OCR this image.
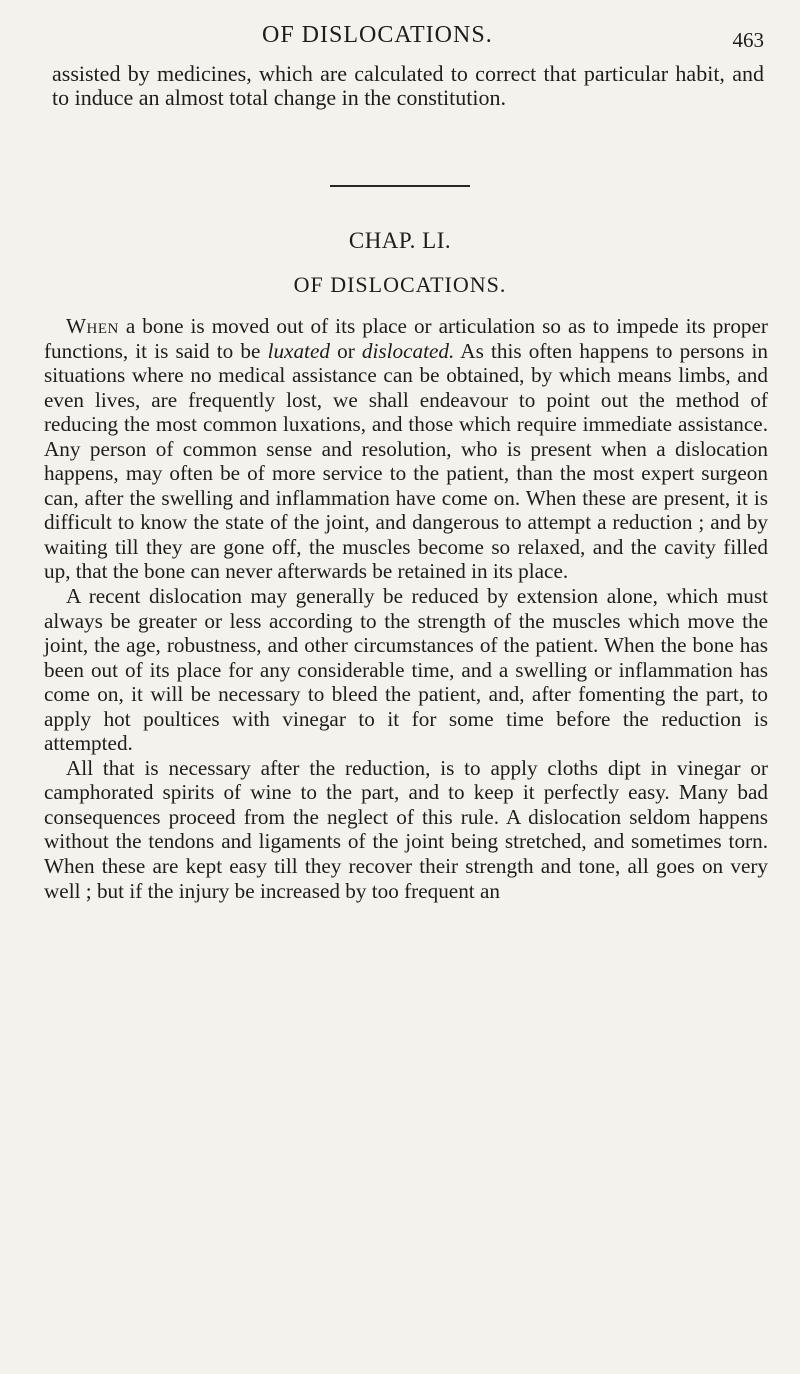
OF DISLOCATIONS.	463
assisted by medicines, which are calculated to correct that particular habit, and to induce an almost total change in the constitution.
CHAP. LI.
OF DISLOCATIONS.

When a bone is moved out of its place or articulation so as to impede its proper functions, it is said to be luxated or dislocated. As this often happens to persons in situations where no medical assistance can be obtained, by which means limbs, and even lives, are frequently lost, we shall endeavour to point out the method of reducing the most common luxations, and those which require immediate assistance. Any person of common sense and resolution, who is present when a dislocation happens, may often be of more service to the patient, than the most expert surgeon can, after the swelling and inflammation have come on. When these are present, it is difficult to know the state of the joint, and dangerous to attempt a reduction ; and by waiting till they are gone off, the muscles become so relaxed, and the cavity filled up, that the bone can never afterwards be retained in its place.

A recent dislocation may generally be reduced by extension alone, which must always be greater or less according to the strength of the muscles which move the joint, the age, robustness, and other circumstances of the patient. When the bone has been out of its place for any considerable time, and a swelling or inflammation has come on, it will be necessary to bleed the patient, and, after fomenting the part, to apply hot poultices with vinegar to it for some time before the reduction is attempted.

All that is necessary after the reduction, is to apply cloths dipt in vinegar or camphorated spirits of wine to the part, and to keep it perfectly easy. Many bad consequences proceed from the neglect of this rule. A dislocation seldom happens without the tendons and ligaments of the joint being stretched, and sometimes torn. When these are kept easy till they recover their strength and tone, all goes on very well ; but if the injury be increased by too frequent an
